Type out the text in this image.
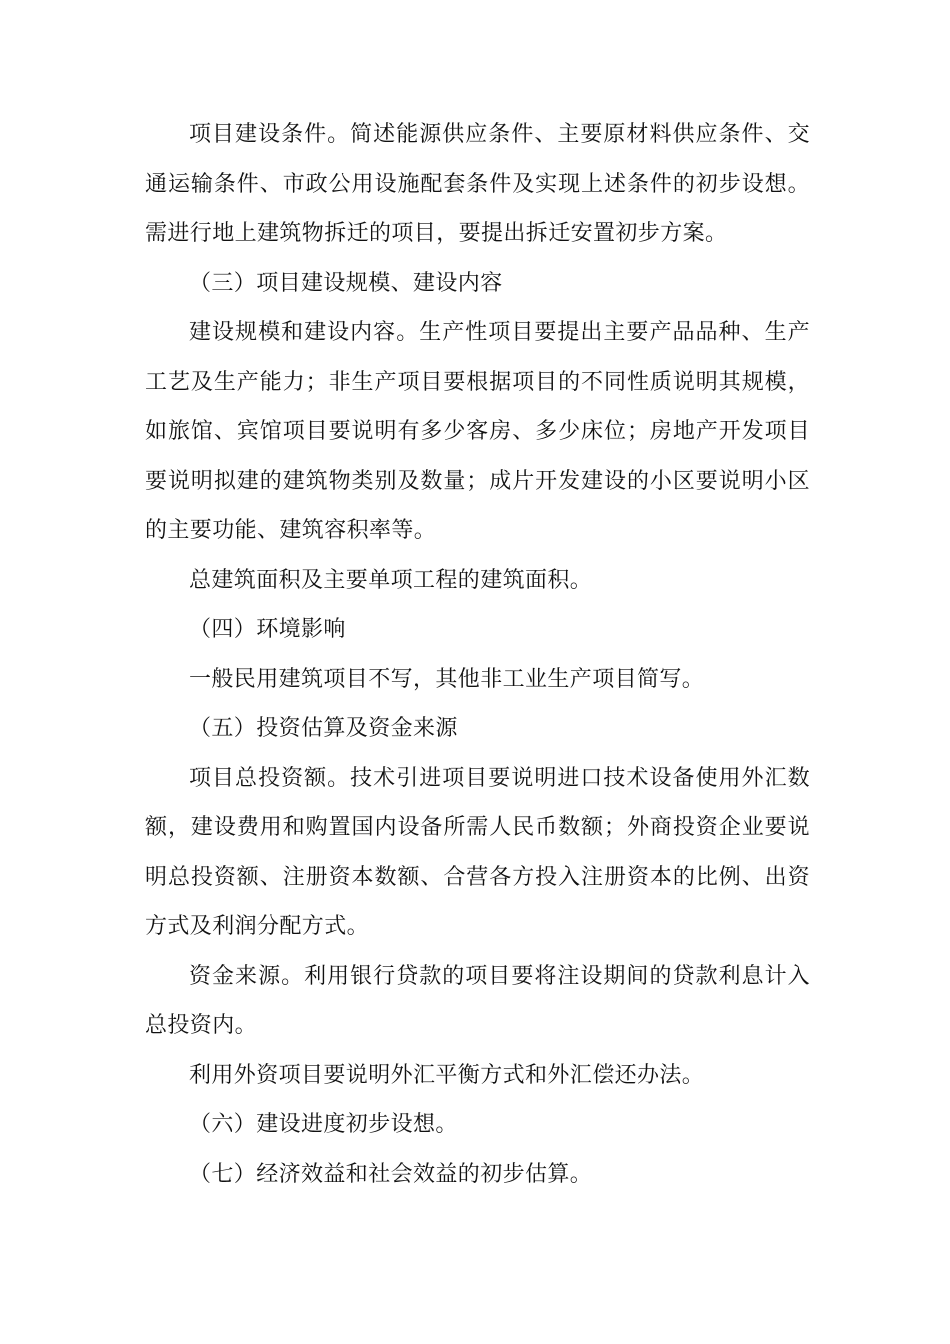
项目建设条件。简述能源供应条件、主要原材料供应条件、交通运输条件、市政公用设施配套条件及实现上述条件的初步设想。需进行地上建筑物拆迁的项目，要提出拆迁安置初步方案。

（三）项目建设规模、建设内容

建设规模和建设内容。生产性项目要提出主要产品品种、生产工艺及生产能力；非生产项目要根据项目的不同性质说明其规模，如旅馆、宾馆项目要说明有多少客房、多少床位；房地产开发项目要说明拟建的建筑物类别及数量；成片开发建设的小区要说明小区的主要功能、建筑容积率等。

总建筑面积及主要单项工程的建筑面积。

（四）环境影响

一般民用建筑项目不写，其他非工业生产项目简写。

（五）投资估算及资金来源

项目总投资额。技术引进项目要说明进口技术设备使用外汇数额，建设费用和购置国内设备所需人民币数额；外商投资企业要说明总投资额、注册资本数额、合营各方投入注册资本的比例、出资方式及利润分配方式。

资金来源。利用银行贷款的项目要将注设期间的贷款利息计入总投资内。

利用外资项目要说明外汇平衡方式和外汇偿还办法。

（六）建设进度初步设想。

（七）经济效益和社会效益的初步估算。
